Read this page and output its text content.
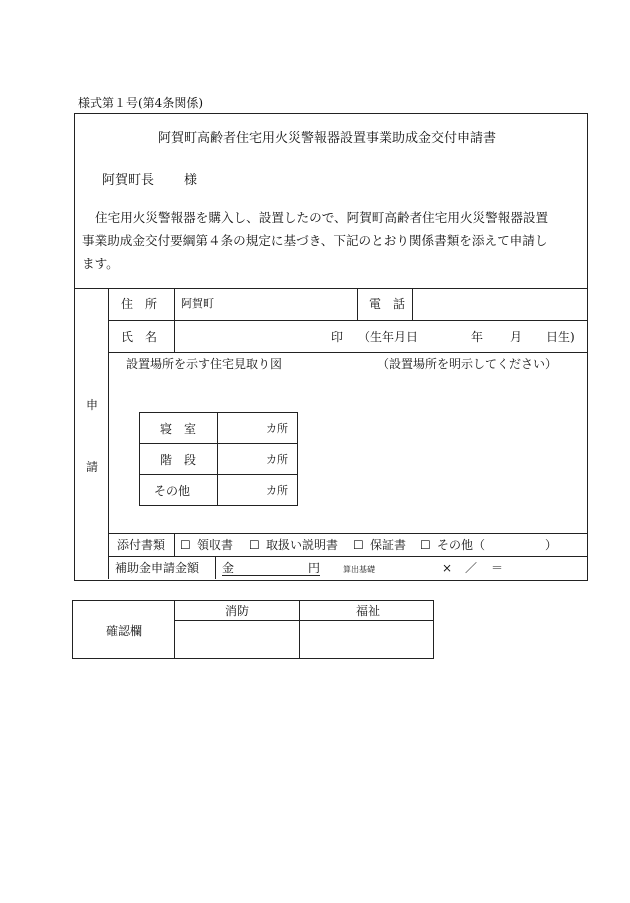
様式第１号(第4条関係)
阿賀町高齢者住宅用火災警報器設置事業助成金交付申請書
阿賀町長 様
住宅用火災警報器を購入し、設置したので、阿賀町高齢者住宅用火災警報器設置
事業助成金交付要綱第４条の規定に基づき、下記のとおり関係書類を添えて申請し
ます。
申
請
住　所 阿賀町	電　話
氏　名	印 （生年月日	年 月 日生)
設置場所を示す住宅見取り図	（設置場所を明示してください）
寝　室	カ所
階　段	カ所
その他	カ所
添付書類 ☐ 領収書 ☐ 取扱い説明書 ☐ 保証書 ☐ その他（	）
補助金申請金額 金	円	算出基礎	× ／ ＝
確認欄
消防	福祉
